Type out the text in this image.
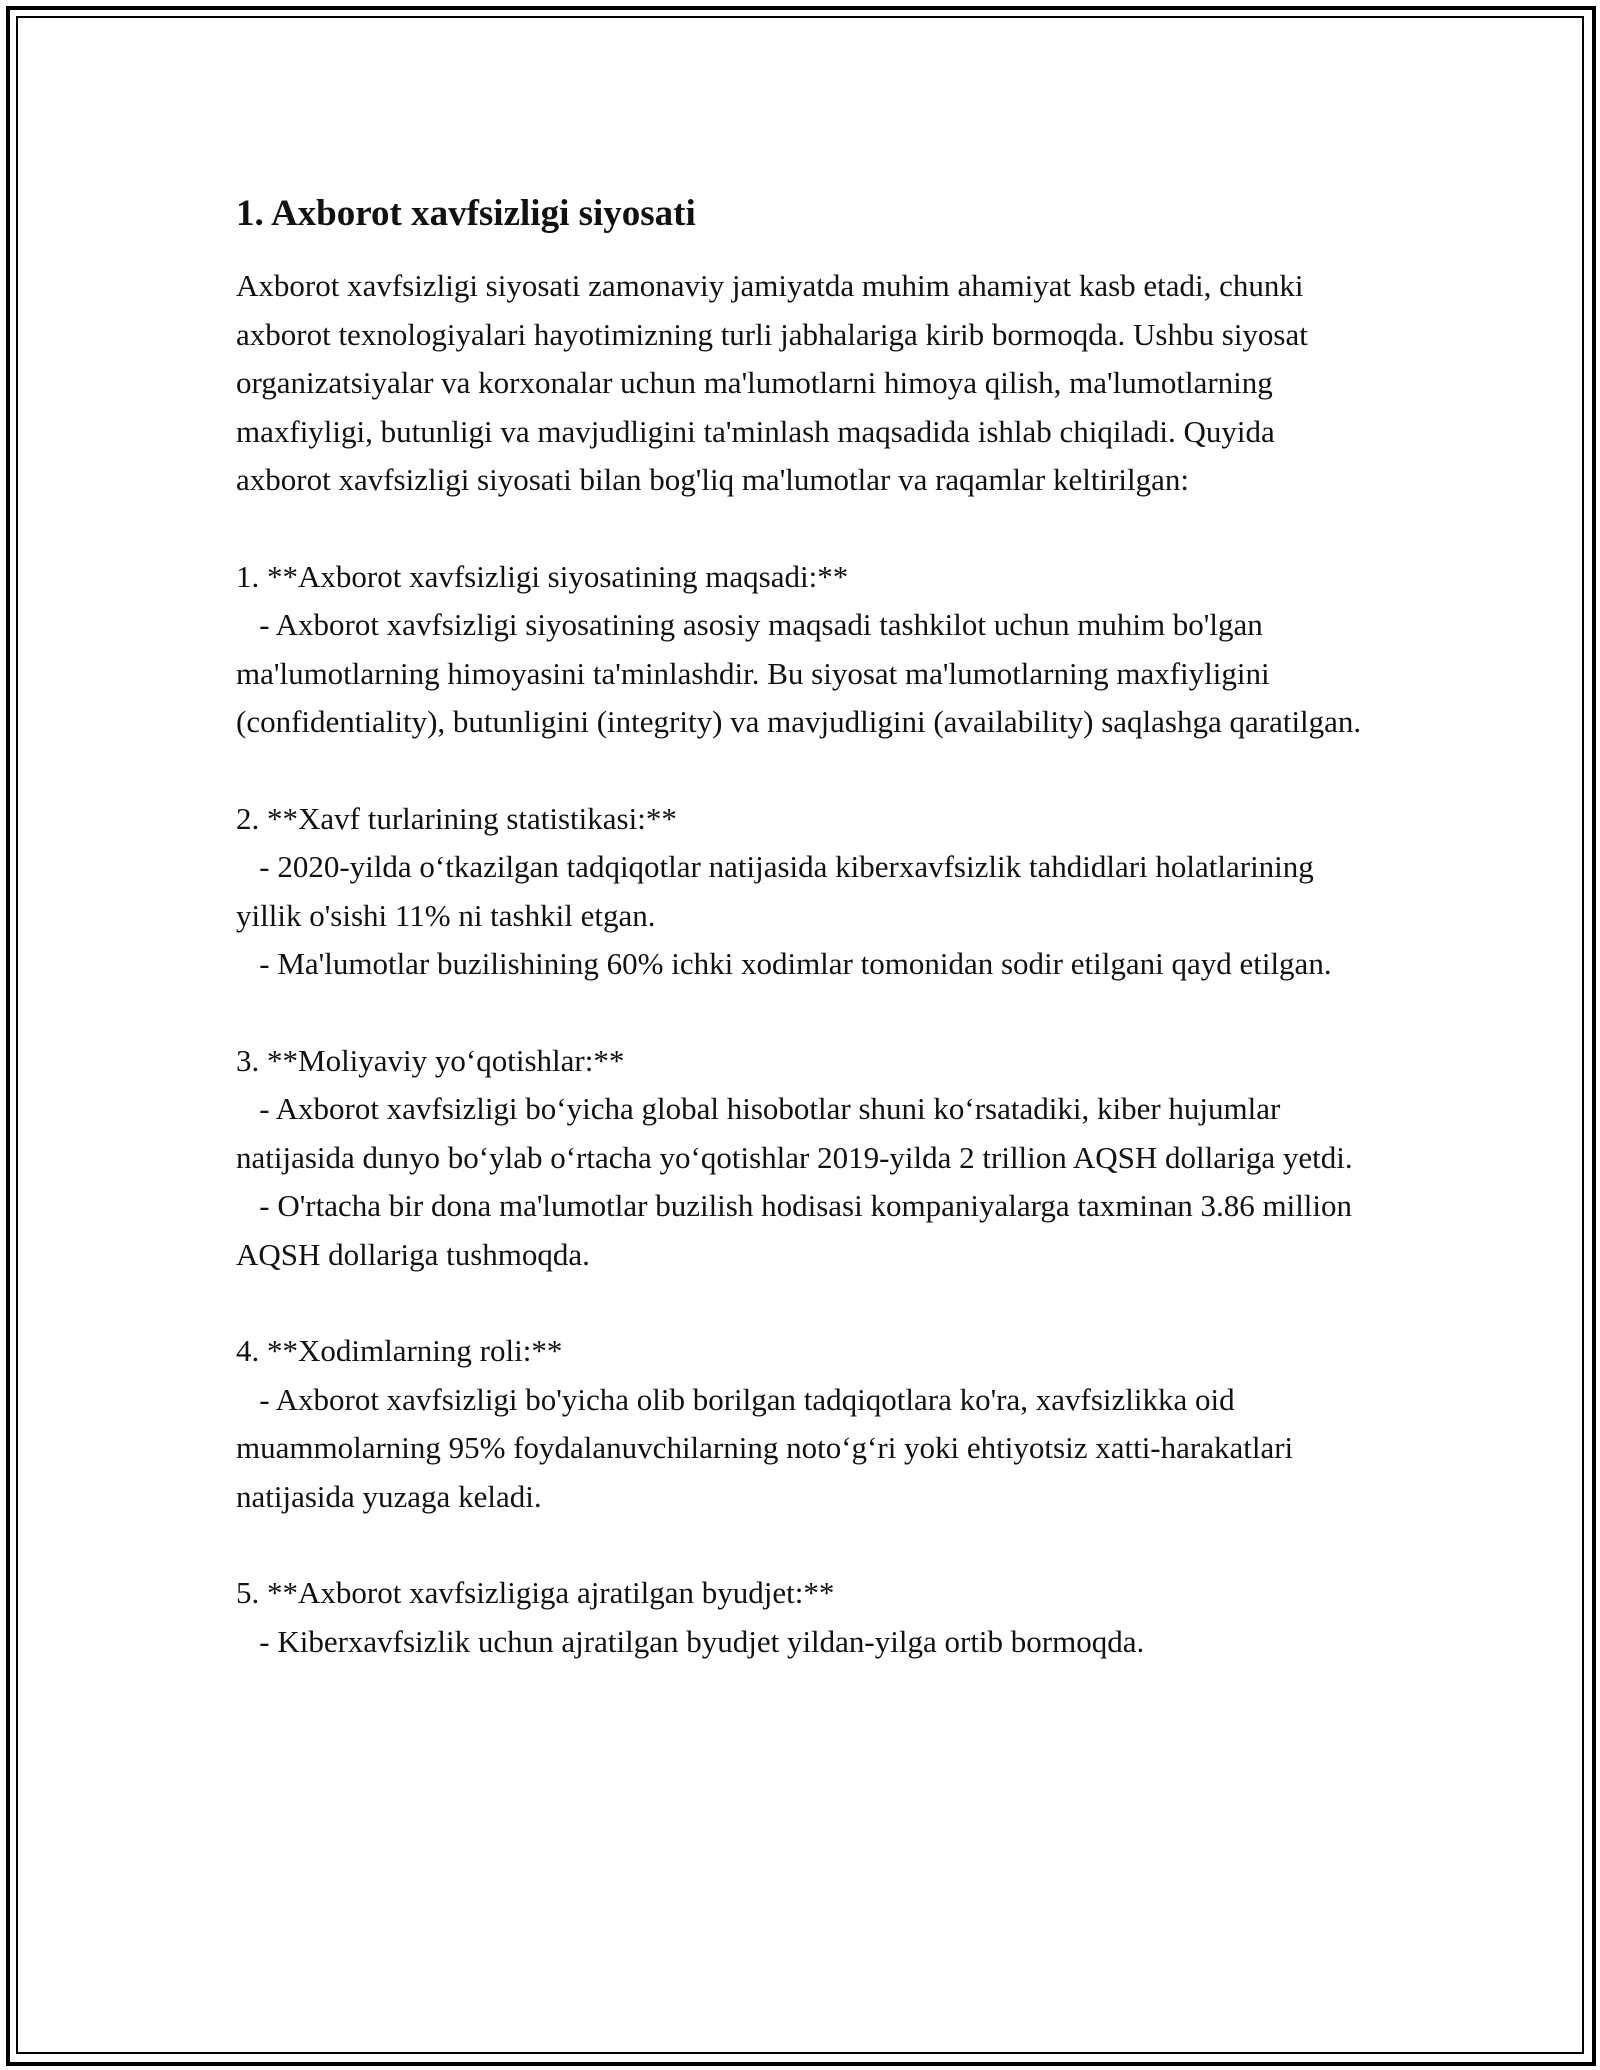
1. Axborot xavfsizligi siyosati

Axborot xavfsizligi siyosati zamonaviy jamiyatda muhim ahamiyat kasb etadi, chunki axborot texnologiyalari hayotimizning turli jabhalariga kirib bormoqda. Ushbu siyosat organizatsiyalar va korxonalar uchun ma'lumotlarni himoya qilish, ma'lumotlarning maxfiyligi, butunligi va mavjudligini ta'minlash maqsadida ishlab chiqiladi. Quyida axborot xavfsizligi siyosati bilan bog'liq ma'lumotlar va raqamlar keltirilgan:

1. **Axborot xavfsizligi siyosatining maqsadi:**

- Axborot xavfsizligi siyosatining asosiy maqsadi tashkilot uchun muhim bo'lgan ma'lumotlarning himoyasini ta'minlashdir. Bu siyosat ma'lumotlarning maxfiyligini (confidentiality), butunligini (integrity) va mavjudligini (availability) saqlashga qaratilgan.

2. **Xavf turlarining statistikasi:**

- 2020-yilda oʻtkazilgan tadqiqotlar natijasida kiberxavfsizlik tahdidlari holatlarining yillik o'sishi 11% ni tashkil etgan.

- Ma'lumotlar buzilishining 60% ichki xodimlar tomonidan sodir etilgani qayd etilgan.

3. **Moliyaviy yoʻqotishlar:**

- Axborot xavfsizligi boʻyicha global hisobotlar shuni koʻrsatadiki, kiber hujumlar natijasida dunyo boʻylab oʻrtacha yoʻqotishlar 2019-yilda 2 trillion AQSH dollariga yetdi.

- O'rtacha bir dona ma'lumotlar buzilish hodisasi kompaniyalarga taxminan 3.86 million AQSH dollariga tushmoqda.

4. **Xodimlarning roli:**

- Axborot xavfsizligi bo'yicha olib borilgan tadqiqotlara ko'ra, xavfsizlikka oid muammolarning 95% foydalanuvchilarning notoʻgʻri yoki ehtiyotsiz xatti-harakatlari natijasida yuzaga keladi.

5. **Axborot xavfsizligiga ajratilgan byudjet:**

- Kiberxavfsizlik uchun ajratilgan byudjet yildan-yilga ortib bormoqda.
